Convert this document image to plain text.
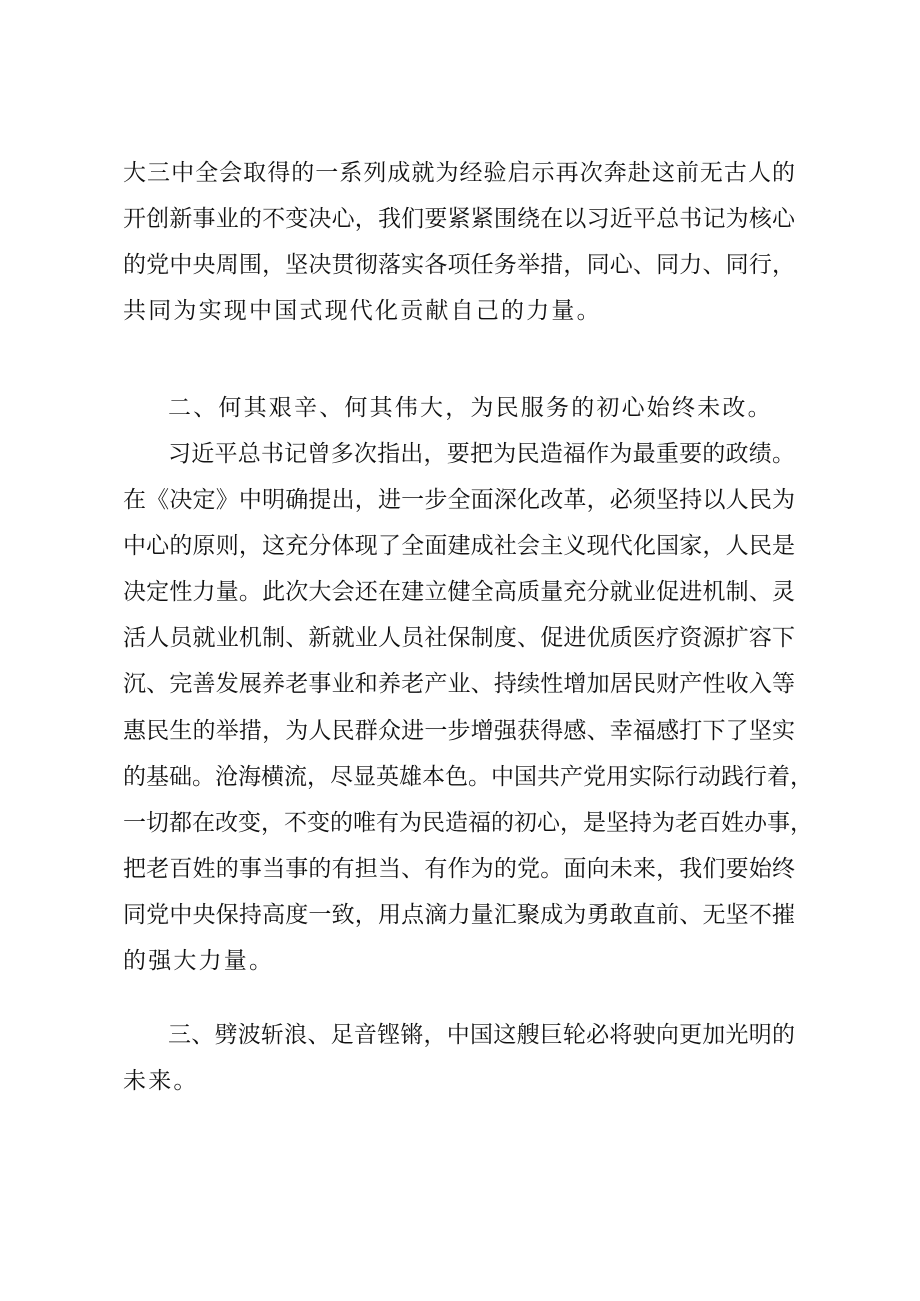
大三中全会取得的一系列成就为经验启示再次奔赴这前无古人的
开创新事业的不变决心，我们要紧紧围绕在以习近平总书记为核心
的党中央周围，坚决贯彻落实各项任务举措，同心、同力、同行，
共同为实现中国式现代化贡献自己的力量。
二、何其艰辛、何其伟大，为民服务的初心始终未改。
习近平总书记曾多次指出，要把为民造福作为最重要的政绩。
在《决定》中明确提出，进一步全面深化改革，必须坚持以人民为
中心的原则，这充分体现了全面建成社会主义现代化国家，人民是
决定性力量。此次大会还在建立健全高质量充分就业促进机制、灵
活人员就业机制、新就业人员社保制度、促进优质医疗资源扩容下
沉、完善发展养老事业和养老产业、持续性增加居民财产性收入等
惠民生的举措，为人民群众进一步增强获得感、幸福感打下了坚实
的基础。沧海横流，尽显英雄本色。中国共产党用实际行动践行着，
一切都在改变，不变的唯有为民造福的初心，是坚持为老百姓办事，
把老百姓的事当事的有担当、有作为的党。面向未来，我们要始终
同党中央保持高度一致，用点滴力量汇聚成为勇敢直前、无坚不摧
的强大力量。
三、劈波斩浪、足音铿锵，中国这艘巨轮必将驶向更加光明的
未来。
